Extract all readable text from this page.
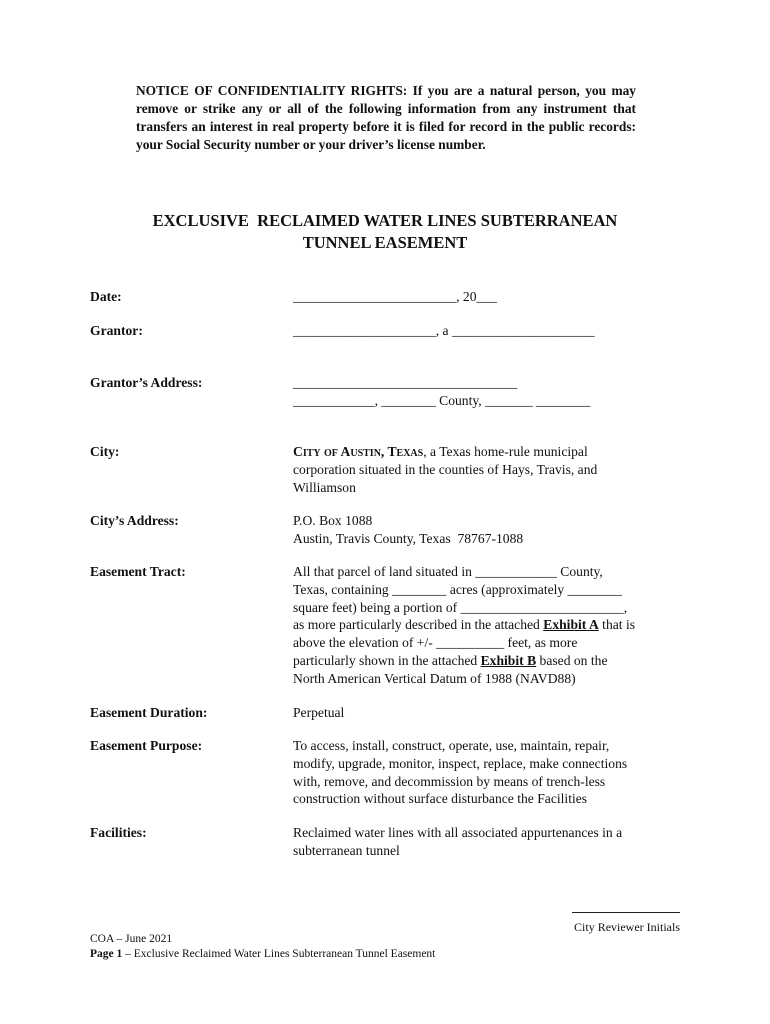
NOTICE OF CONFIDENTIALITY RIGHTS: If you are a natural person, you may remove or strike any or all of the following information from any instrument that transfers an interest in real property before it is filed for record in the public records: your Social Security number or your driver’s license number.
EXCLUSIVE  RECLAIMED WATER LINES SUBTERRANEAN
TUNNEL EASEMENT
Date:	________________________, 20___
Grantor:	_____________________, a _____________________
Grantor’s Address:	_________________________________
____________, ________ County, _______ ________
City:	City of Austin, Texas, a Texas home-rule municipal
corporation situated in the counties of Hays, Travis, and
Williamson
City’s Address:	P.O. Box 1088
Austin, Travis County, Texas  78767-1088
Easement Tract:	All that parcel of land situated in ____________ County,
Texas, containing ________ acres (approximately ________
square feet) being a portion of ________________________,
as more particularly described in the attached Exhibit A that is
above the elevation of +/- __________ feet, as more
particularly shown in the attached Exhibit B based on the
North American Vertical Datum of 1988 (NAVD88)
Easement Duration:	Perpetual
Easement Purpose:	To access, install, construct, operate, use, maintain, repair,
modify, upgrade, monitor, inspect, replace, make connections
with, remove, and decommission by means of trench-less
construction without surface disturbance the Facilities
Facilities:	Reclaimed water lines with all associated appurtenances in a
subterranean tunnel

City Reviewer Initials
COA – June 2021
Page 1 – Exclusive Reclaimed Water Lines Subterranean Tunnel Easement
